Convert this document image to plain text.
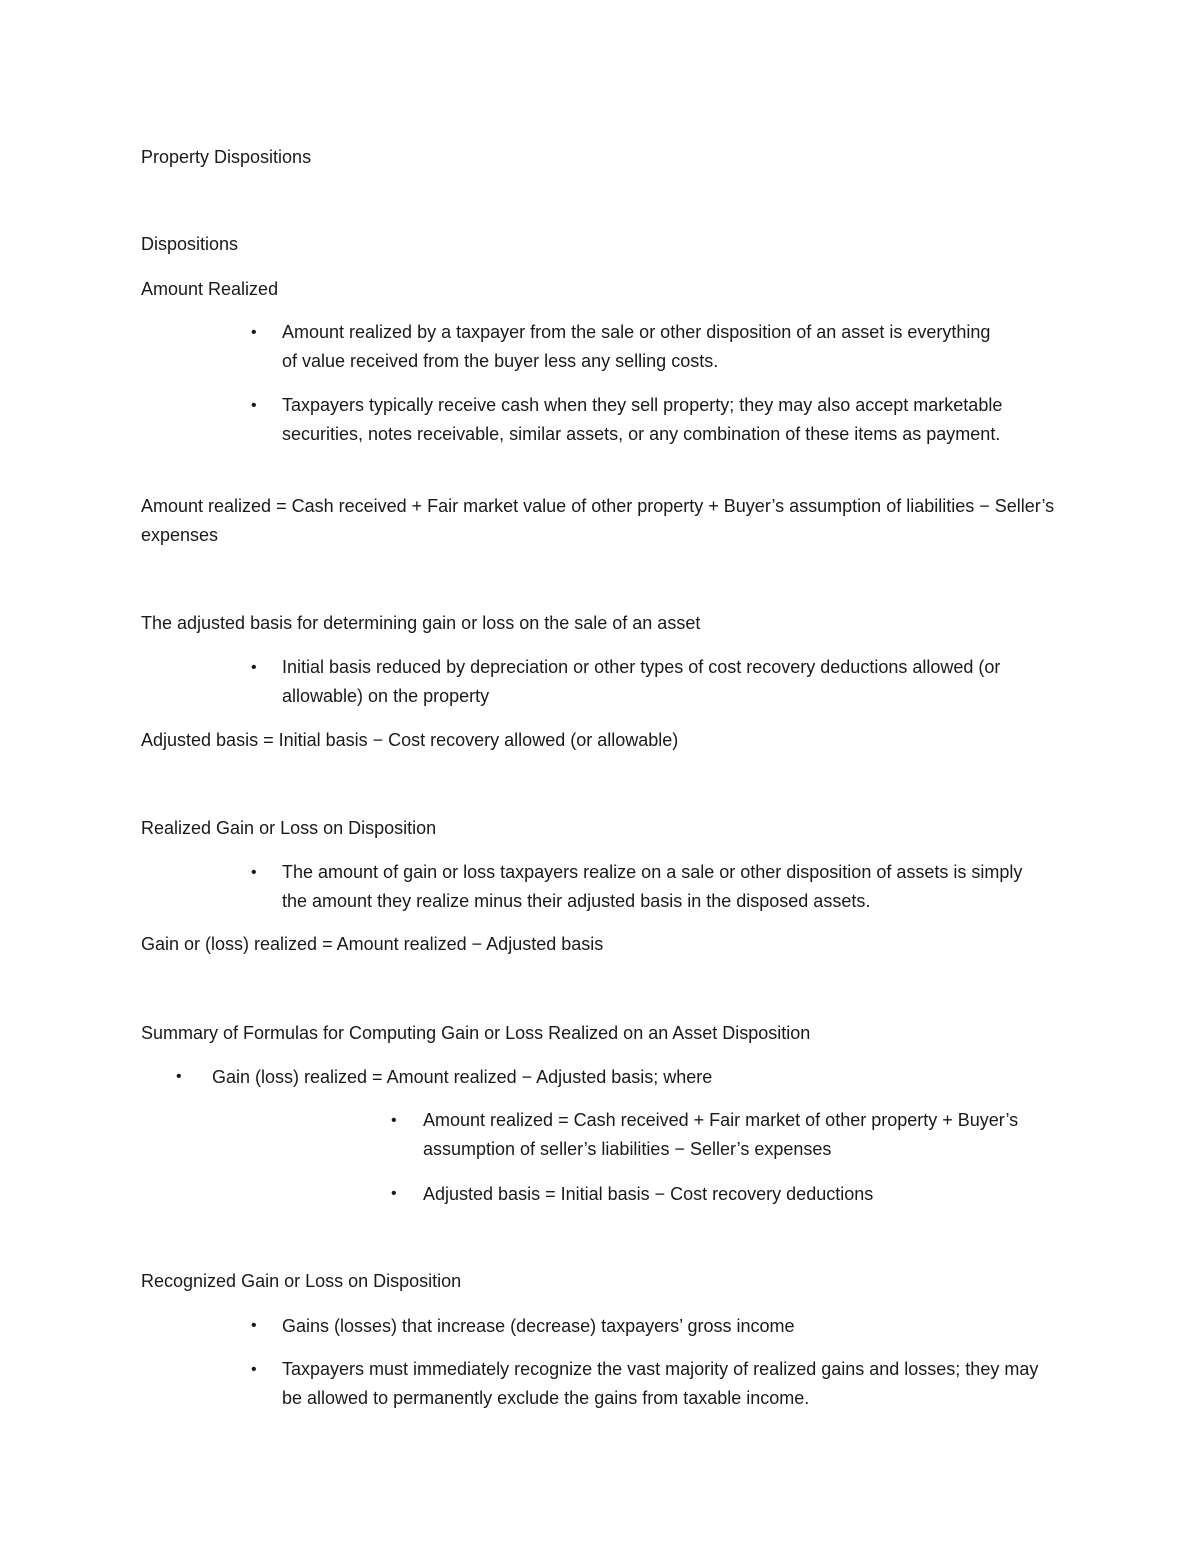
Property Dispositions
Dispositions
Amount Realized
• Amount realized by a taxpayer from the sale or other disposition of an asset is everything of value received from the buyer less any selling costs.
• Taxpayers typically receive cash when they sell property; they may also accept marketable securities, notes receivable, similar assets, or any combination of these items as payment.
Amount realized = Cash received + Fair market value of other property + Buyer’s assumption of liabilities − Seller’s expenses
The adjusted basis for determining gain or loss on the sale of an asset
• Initial basis reduced by depreciation or other types of cost recovery deductions allowed (or allowable) on the property
Adjusted basis = Initial basis − Cost recovery allowed (or allowable)
Realized Gain or Loss on Disposition
• The amount of gain or loss taxpayers realize on a sale or other disposition of assets is simply the amount they realize minus their adjusted basis in the disposed assets.
Gain or (loss) realized = Amount realized − Adjusted basis
Summary of Formulas for Computing Gain or Loss Realized on an Asset Disposition
• Gain (loss) realized = Amount realized − Adjusted basis; where
• Amount realized = Cash received + Fair market of other property + Buyer’s assumption of seller’s liabilities − Seller’s expenses
• Adjusted basis = Initial basis − Cost recovery deductions
Recognized Gain or Loss on Disposition
• Gains (losses) that increase (decrease) taxpayers’ gross income
• Taxpayers must immediately recognize the vast majority of realized gains and losses; they may be allowed to permanently exclude the gains from taxable income.
